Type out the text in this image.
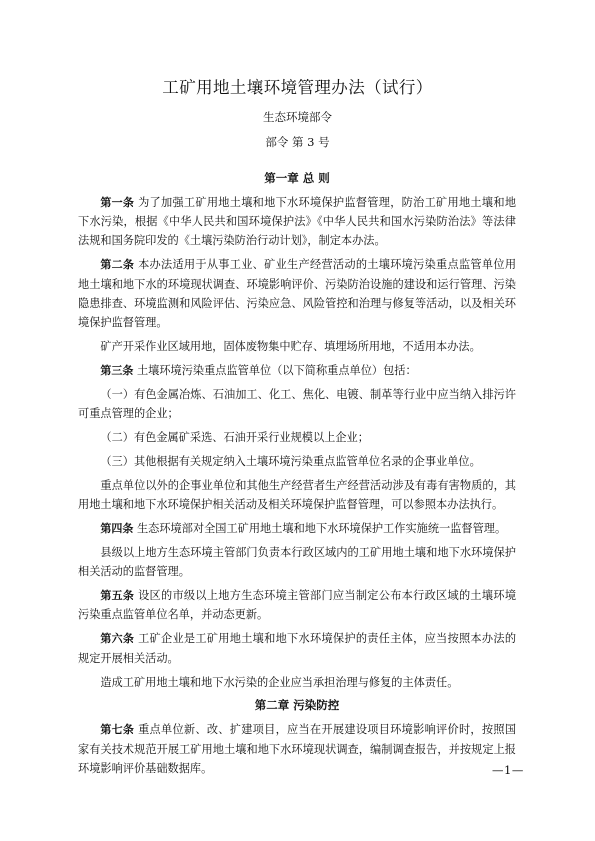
工矿用地土壤环境管理办法（试行）
生态环境部令
部令 第 3 号
第一章 总 则

第一条 为了加强工矿用地土壤和地下水环境保护监督管理，防治工矿用地土壤和地下水污染，根据《中华人民共和国环境保护法》《中华人民共和国水污染防治法》等法律法规和国务院印发的《土壤污染防治行动计划》，制定本办法。

第二条 本办法适用于从事工业、矿业生产经营活动的土壤环境污染重点监管单位用地土壤和地下水的环境现状调查、环境影响评价、污染防治设施的建设和运行管理、污染隐患排查、环境监测和风险评估、污染应急、风险管控和治理与修复等活动，以及相关环境保护监督管理。

矿产开采作业区域用地，固体废物集中贮存、填埋场所用地，不适用本办法。

第三条 土壤环境污染重点监管单位（以下简称重点单位）包括：

（一）有色金属冶炼、石油加工、化工、焦化、电镀、制革等行业中应当纳入排污许可重点管理的企业；

（二）有色金属矿采选、石油开采行业规模以上企业；

（三）其他根据有关规定纳入土壤环境污染重点监管单位名录的企事业单位。

重点单位以外的企事业单位和其他生产经营者生产经营活动涉及有毒有害物质的，其用地土壤和地下水环境保护相关活动及相关环境保护监督管理，可以参照本办法执行。

第四条 生态环境部对全国工矿用地土壤和地下水环境保护工作实施统一监督管理。

县级以上地方生态环境主管部门负责本行政区域内的工矿用地土壤和地下水环境保护相关活动的监督管理。

第五条 设区的市级以上地方生态环境主管部门应当制定公布本行政区域的土壤环境污染重点监管单位名单，并动态更新。

第六条 工矿企业是工矿用地土壤和地下水环境保护的责任主体，应当按照本办法的规定开展相关活动。

造成工矿用地土壤和地下水污染的企业应当承担治理与修复的主体责任。

第二章 污染防控

第七条 重点单位新、改、扩建项目，应当在开展建设项目环境影响评价时，按照国家有关技术规范开展工矿用地土壤和地下水环境现状调查，编制调查报告，并按规定上报环境影响评价基础数据库。	—1—
